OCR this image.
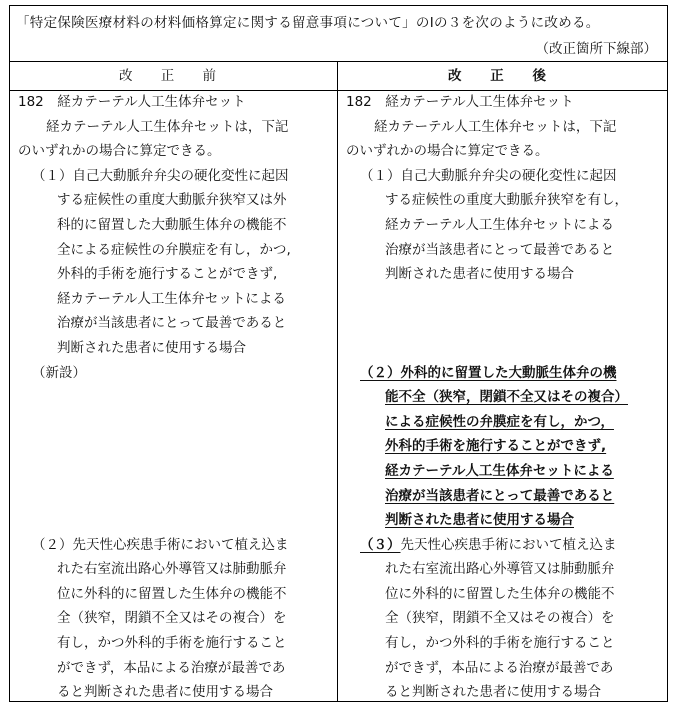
「特定保険医療材料の材料価格算定に関する留意事項について」のⅠの３を次のように改める。
（改正箇所下線部）
改 正 前	改 正 後
182　経カテーテル人工生体弁セット
経カテーテル人工生体弁セットは，下記
のいずれかの場合に算定できる。
（１）自己大動脈弁弁尖の硬化変性に起因
する症候性の重度大動脈弁狭窄又は外
科的に留置した大動脈生体弁の機能不
全による症候性の弁膜症を有し，かつ,
外科的手術を施行することができず,
経カテーテル人工生体弁セットによる
治療が当該患者にとって最善であると
判断された患者に使用する場合
（新設）
（２）先天性心疾患手術において植え込ま
れた右室流出路心外導管又は肺動脈弁
位に外科的に留置した生体弁の機能不
全（狭窄，閉鎖不全又はその複合）を
有し，かつ外科的手術を施行すること
ができず，本品による治療が最善であ
ると判断された患者に使用する場合
182　経カテーテル人工生体弁セット
経カテーテル人工生体弁セットは，下記
のいずれかの場合に算定できる。
（１）自己大動脈弁弁尖の硬化変性に起因
する症候性の重度大動脈弁狭窄を有し，
経カテーテル人工生体弁セットによる
治療が当該患者にとって最善であると
判断された患者に使用する場合
（２）外科的に留置した大動脈生体弁の機
能不全（狭窄，閉鎖不全又はその複合）
による症候性の弁膜症を有し，かつ，
外科的手術を施行することができず,
経カテーテル人工生体弁セットによる
治療が当該患者にとって最善であると
判断された患者に使用する場合
（３）先天性心疾患手術において植え込ま
れた右室流出路心外導管又は肺動脈弁
位に外科的に留置した生体弁の機能不
全（狭窄，閉鎖不全又はその複合）を
有し，かつ外科的手術を施行すること
ができず，本品による治療が最善であ
ると判断された患者に使用する場合
